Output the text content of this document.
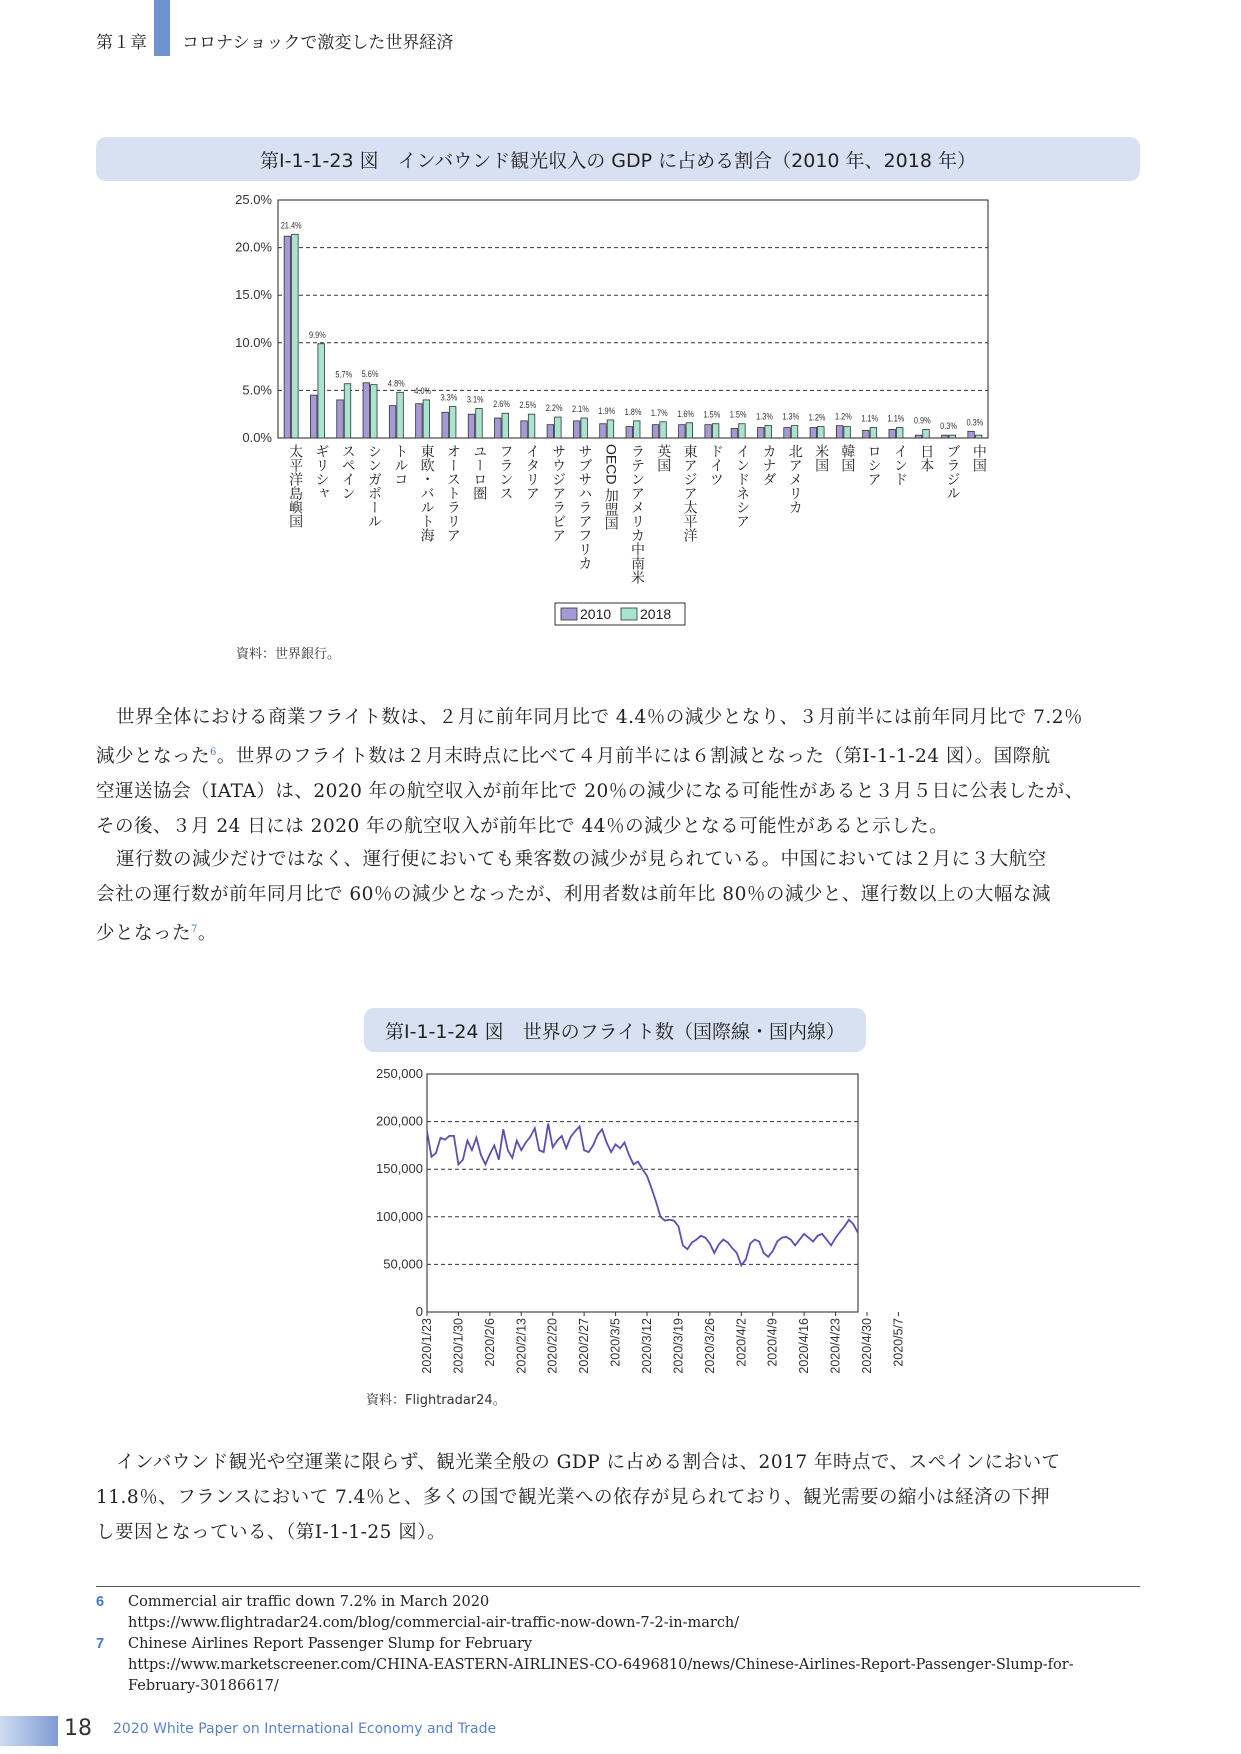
第１章 コロナショックで激変した世界経済
第Ⅰ-1-1-23 図　インバウンド観光収入の GDP に占める割合（2010 年、2018 年）
0.0%
5.0%
10.0%
15.0%
20.0%
25.0%
21.4%
太平洋島嶼国
9.9%
ギリシャ
5.7%
スペイン
5.6%
シンガポール
4.8%
トルコ
4.0%
東欧・バルト海
3.3%
オーストラリア
3.1%
ユーロ圏
2.6%
フランス
2.5%
イタリア
2.2%
サウジアラビア
2.1%
サブサハラアフリカ
1.9%
OECD 加盟国
1.8%
ラテンアメリカ中南米
1.7%
英国
1.6%
東アジア太平洋
1.5%
ドイツ
1.5%
インドネシア
1.3%
カナダ
1.3%
北アメリカ
1.2%
米国
1.2%
韓国
1.1%
ロシア
1.1%
インド
0.9%
日本
0.3%
ブラジル
0.3%
中国
2010 2018
資料：世界銀行。
世界全体における商業フライト数は、２月に前年同月比で 4.4％の減少となり、３月前半には前年同月比で 7.2％
減少となった$^6$。世界のフライト数は２月末時点に比べて４月前半には６割減となった（第Ⅰ-1-1-24 図）。国際航
空運送協会（IATA）は、2020 年の航空収入が前年比で 20％の減少になる可能性があると３月５日に公表したが、
その後、３月 24 日には 2020 年の航空収入が前年比で 44％の減少となる可能性があると示した。
運行数の減少だけではなく、運行便においても乗客数の減少が見られている。中国においては２月に３大航空
会社の運行数が前年同月比で 60％の減少となったが、利用者数は前年比 80％の減少と、運行数以上の大幅な減
少となった$^7$。
第Ⅰ-1-1-24 図　世界のフライト数（国際線・国内線）
0
50,000
100,000
150,000
200,000
250,000
2020/1/23 2020/1/30 2020/2/6 2020/2/13 2020/2/20 2020/2/27 2020/3/5 2020/3/12 2020/3/19 2020/3/26 2020/4/2 2020/4/9 2020/4/16 2020/4/23 2020/4/30 2020/5/7
資料：Flightradar24。
インバウンド観光や空運業に限らず、観光業全般の GDP に占める割合は、2017 年時点で、スペインにおいて
11.8％、フランスにおいて 7.4％と、多くの国で観光業への依存が見られており、観光需要の縮小は経済の下押
し要因となっている、（第Ⅰ-1-1-25 図）。
6 Commercial air traffic down 7.2% in March 2020
https://www.flightradar24.com/blog/commercial-air-traffic-now-down-7-2-in-march/
7 Chinese Airlines Report Passenger Slump for February
https://www.marketscreener.com/CHINA-EASTERN-AIRLINES-CO-6496810/news/Chinese-Airlines-Report-Passenger-Slump-for-
February-30186617/
18 2020 White Paper on International Economy and Trade
